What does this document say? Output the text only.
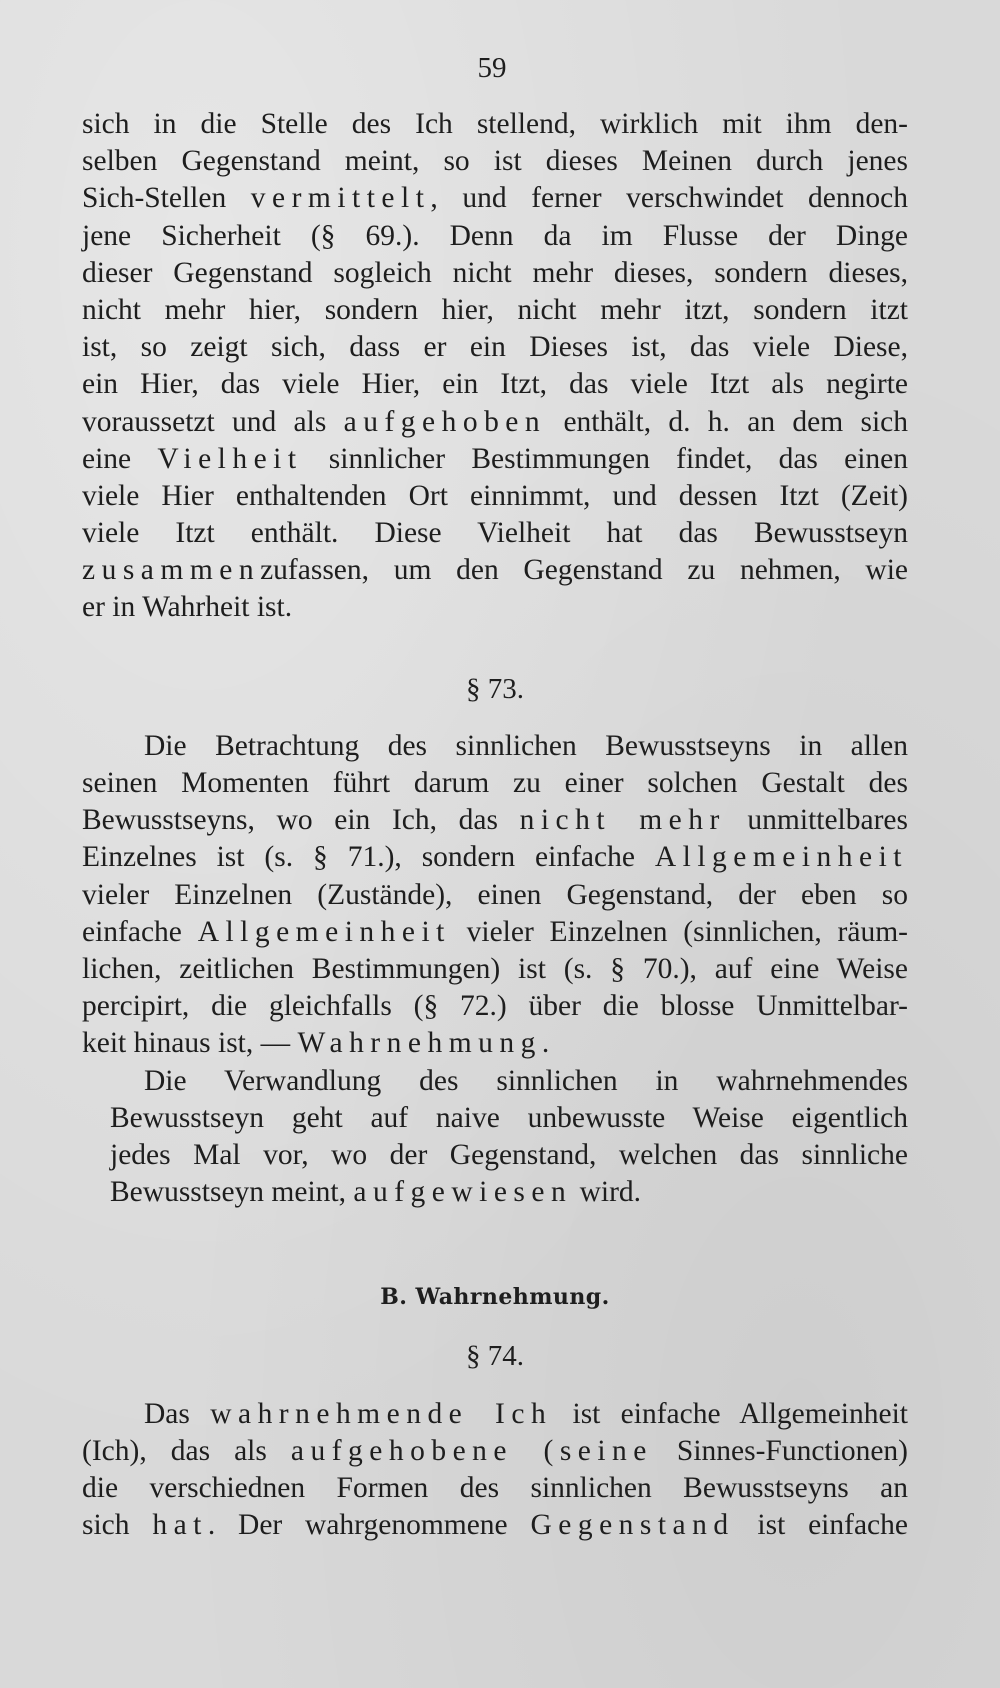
59
sich in die Stelle des Ich stellend, wirklich mit ihm den-
selben Gegenstand meint, so ist dieses Meinen durch jenes
Sich-Stellen vermittelt, und ferner verschwindet dennoch
jene Sicherheit (§ 69.). Denn da im Flusse der Dinge
dieser Gegenstand sogleich nicht mehr dieses, sondern dieses,
nicht mehr hier, sondern hier, nicht mehr itzt, sondern itzt
ist, so zeigt sich, dass er ein Dieses ist, das viele Diese,
ein Hier, das viele Hier, ein Itzt, das viele Itzt als negirte
voraussetzt und als aufgehoben enthält, d. h. an dem sich
eine Vielheit sinnlicher Bestimmungen findet, das einen
viele Hier enthaltenden Ort einnimmt, und dessen Itzt (Zeit)
viele Itzt enthält. Diese Vielheit hat das Bewusstseyn
zusammenzufassen, um den Gegenstand zu nehmen, wie
er in Wahrheit ist.
§ 73.
Die Betrachtung des sinnlichen Bewusstseyns in allen
seinen Momenten führt darum zu einer solchen Gestalt des
Bewusstseyns, wo ein Ich, das nicht mehr unmittelbares
Einzelnes ist (s. § 71.), sondern einfache Allgemeinheit
vieler Einzelnen (Zustände), einen Gegenstand, der eben so
einfache Allgemeinheit vieler Einzelnen (sinnlichen, räum-
lichen, zeitlichen Bestimmungen) ist (s. § 70.), auf eine Weise
percipirt, die gleichfalls (§ 72.) über die blosse Unmittelbar-
keit hinaus ist, — Wahrnehmung.
Die Verwandlung des sinnlichen in wahrnehmendes
Bewusstseyn geht auf naive unbewusste Weise eigentlich
jedes Mal vor, wo der Gegenstand, welchen das sinnliche
Bewusstseyn meint, aufgewiesen wird.
B. Wahrnehmung.
§ 74.
Das wahrnehmende Ich ist einfache Allgemeinheit
(Ich), das als aufgehobene (seine Sinnes-Functionen)
die verschiednen Formen des sinnlichen Bewusstseyns an
sich hat. Der wahrgenommene Gegenstand ist einfache
